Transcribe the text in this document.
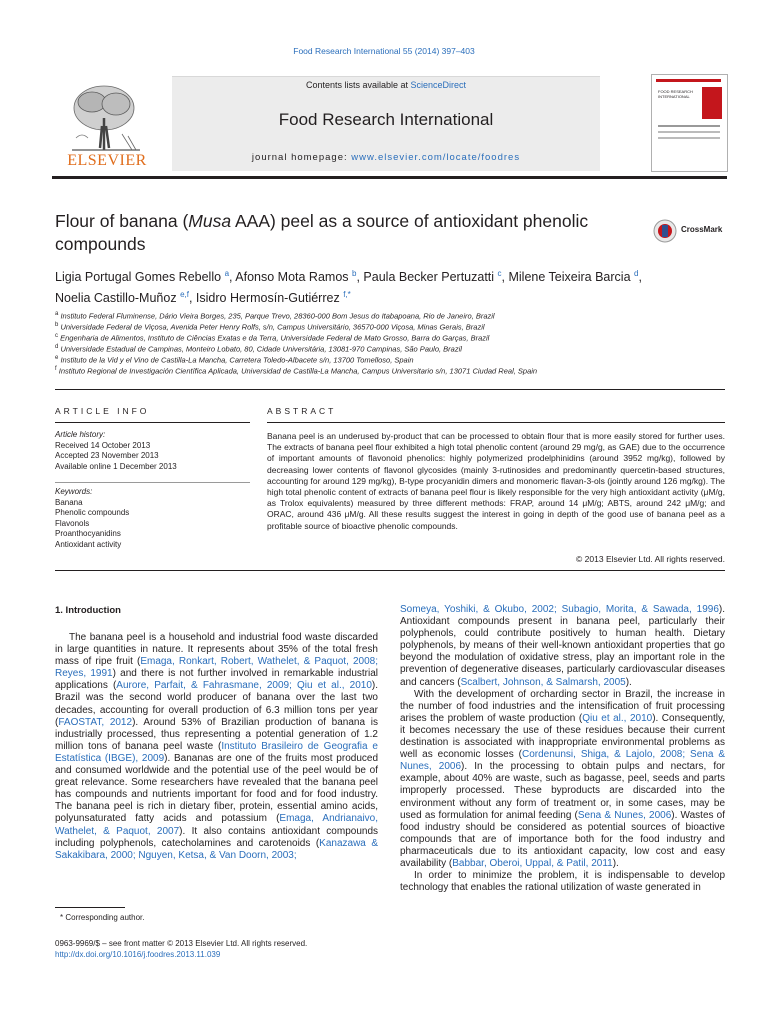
Food Research International 55 (2014) 397–403
Contents lists available at ScienceDirect
Food Research International
journal homepage: www.elsevier.com/locate/foodres
ELSEVIER
FOOD RESEARCH
INTERNATIONAL
Flour of banana (Musa AAA) peel as a source of antioxidant phenolic compounds
CrossMark
Ligia Portugal Gomes Rebello $^a$, Afonso Mota Ramos $^b$, Paula Becker Pertuzatti $^c$, Milene Teixeira Barcia $^d$,
Noelia Castillo-Muñoz $^{e,f}$, Isidro Hermosín-Gutiérrez $^{f,*}$
$^a$ Instituto Federal Fluminense, Dário Vieira Borges, 235, Parque Trevo, 28360-000 Bom Jesus do Itabapoana, Rio de Janeiro, Brazil
$^b$ Universidade Federal de Viçosa, Avenida Peter Henry Rolfs, s/n, Campus Universitário, 36570-000 Viçosa, Minas Gerais, Brazil
$^c$ Engenharia de Alimentos, Instituto de Ciências Exatas e da Terra, Universidade Federal de Mato Grosso, Barra do Garças, Brazil
$^d$ Universidade Estadual de Campinas, Monteiro Lobato, 80, Cidade Universitária, 13081-970 Campinas, São Paulo, Brazil
$^e$ Instituto de la Vid y el Vino de Castilla-La Mancha, Carretera Toledo-Albacete s/n, 13700 Tomelloso, Spain
$^f$ Instituto Regional de Investigación Científica Aplicada, Universidad de Castilla-La Mancha, Campus Universitario s/n, 13071 Ciudad Real, Spain
ARTICLE INFO
Article history:
Received 14 October 2013
Accepted 23 November 2013
Available online 1 December 2013
Keywords:
Banana
Phenolic compounds
Flavonols
Proanthocyanidins
Antioxidant activity
ABSTRACT
Banana peel is an underused by-product that can be processed to obtain flour that is more easily stored for further uses. The extracts of banana peel flour exhibited a high total phenolic content (around 29 mg/g, as GAE) due to the occurrence of important amounts of flavonoid phenolics: highly polymerized prodelphinidins (around 3952 mg/kg), followed by decreasing lower contents of flavonol glycosides (mainly 3-rutinosides and predominantly quercetin-based structures, accounting for around 129 mg/kg), B-type procyanidin dimers and monomeric flavan-3-ols (jointly around 126 mg/kg). The high total phenolic content of extracts of banana peel flour is likely responsible for the very high antioxidant activity (μM/g, as Trolox equivalents) measured by three different methods: FRAP, around 14 μM/g; ABTS, around 242 μM/g; and ORAC, around 436 μM/g. All these results suggest the interest in going in depth of the good use of banana peel as a profitable source of bioactive phenolic compounds.
© 2013 Elsevier Ltd. All rights reserved.
1. Introduction

The banana peel is a household and industrial food waste discarded in large quantities in nature. It represents about 35% of the total fresh mass of ripe fruit (Emaga, Ronkart, Robert, Wathelet, & Paquot, 2008; Reyes, 1991) and there is not further involved in remarkable industrial applications (Aurore, Parfait, & Fahrasmane, 2009; Qiu et al., 2010). Brazil was the second world producer of banana over the last two decades, accounting for overall production of 6.3 million tons per year (FAOSTAT, 2012). Around 53% of Brazilian production of banana is industrially processed, thus representing a potential generation of 1.2 million tons of banana peel waste (Instituto Brasileiro de Geografia e Estatística (IBGE), 2009). Bananas are one of the fruits most produced and consumed worldwide and the potential use of the peel would be of great relevance. Some researchers have revealed that the banana peel has compounds and nutrients important for food and for food industry. The banana peel is rich in dietary fiber, protein, essential amino acids, polyunsaturated fatty acids and potassium (Emaga, Andrianaivo, Wathelet, & Paquot, 2007). It also contains antioxidant compounds including polyphenols, catecholamines and carotenoids (Kanazawa & Sakakibara, 2000; Nguyen, Ketsa, & Van Doorn, 2003;

Someya, Yoshiki, & Okubo, 2002; Subagio, Morita, & Sawada, 1996). Antioxidant compounds present in banana peel, particularly their polyphenols, could contribute positively to human health. Dietary polyphenols, by means of their well-known antioxidant properties that go beyond the modulation of oxidative stress, play an important role in the prevention of degenerative diseases, particularly cardiovascular diseases and cancers (Scalbert, Johnson, & Salmarsh, 2005).

With the development of orcharding sector in Brazil, the increase in the number of food industries and the intensification of fruit processing arises the problem of waste production (Qiu et al., 2010). Consequently, it becomes necessary the use of these residues because their current destination is associated with inappropriate environmental problems as well as economic losses (Cordenunsi, Shiga, & Lajolo, 2008; Sena & Nunes, 2006). In the processing to obtain pulps and nectars, for example, about 40% are waste, such as bagasse, peel, seeds and parts improperly processed. These byproducts are discarded into the environment without any form of treatment or, in some cases, may be used as formulation for animal feeding (Sena & Nunes, 2006). Wastes of food industry should be considered as potential sources of bioactive compounds that are of importance both for the food industry and pharmaceuticals due to its antioxidant capacity, low cost and easy availability (Babbar, Oberoi, Uppal, & Patil, 2011).

In order to minimize the problem, it is indispensable to develop technology that enables the rational utilization of waste generated in

* Corresponding author.
0963-9969/$ – see front matter © 2013 Elsevier Ltd. All rights reserved.
http://dx.doi.org/10.1016/j.foodres.2013.11.039
